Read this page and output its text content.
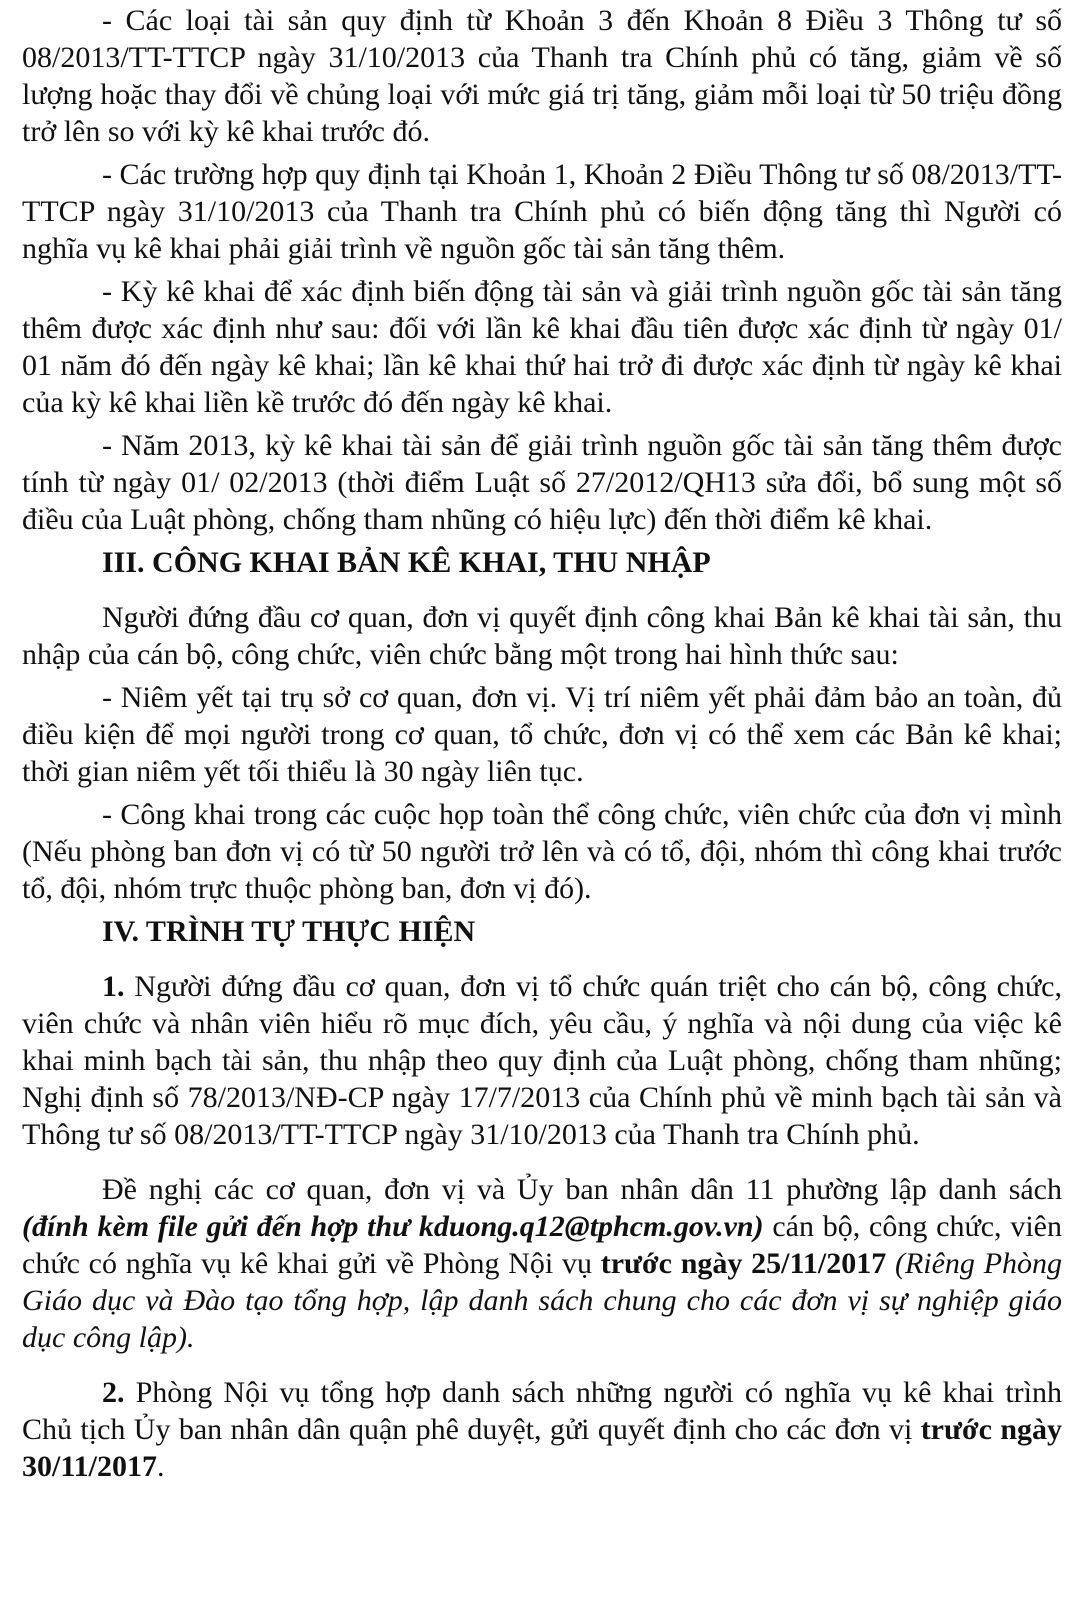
- Các loại tài sản quy định từ Khoản 3 đến Khoản 8 Điều 3 Thông tư số 08/2013/TT-TTCP ngày 31/10/2013 của Thanh tra Chính phủ có tăng, giảm về số lượng hoặc thay đổi về chủng loại với mức giá trị tăng, giảm mỗi loại từ 50 triệu đồng trở lên so với kỳ kê khai trước đó.

- Các trường hợp quy định tại Khoản 1, Khoản 2 Điều Thông tư số 08/2013/TT-TTCP ngày 31/10/2013 của Thanh tra Chính phủ có biến động tăng thì Người có nghĩa vụ kê khai phải giải trình về nguồn gốc tài sản tăng thêm.

- Kỳ kê khai để xác định biến động tài sản và giải trình nguồn gốc tài sản tăng thêm được xác định như sau: đối với lần kê khai đầu tiên được xác định từ ngày 01/ 01 năm đó đến ngày kê khai; lần kê khai thứ hai trở đi được xác định từ ngày kê khai của kỳ kê khai liền kề trước đó đến ngày kê khai.

- Năm 2013, kỳ kê khai tài sản để giải trình nguồn gốc tài sản tăng thêm được tính từ ngày 01/ 02/2013 (thời điểm Luật số 27/2012/QH13 sửa đổi, bổ sung một số điều của Luật phòng, chống tham nhũng có hiệu lực) đến thời điểm kê khai.

III. CÔNG KHAI BẢN KÊ KHAI, THU NHẬP

Người đứng đầu cơ quan, đơn vị quyết định công khai Bản kê khai tài sản, thu nhập của cán bộ, công chức, viên chức bằng một trong hai hình thức sau:

- Niêm yết tại trụ sở cơ quan, đơn vị. Vị trí niêm yết phải đảm bảo an toàn, đủ điều kiện để mọi người trong cơ quan, tổ chức, đơn vị có thể xem các Bản kê khai; thời gian niêm yết tối thiểu là 30 ngày liên tục.

- Công khai trong các cuộc họp toàn thể công chức, viên chức của đơn vị mình (Nếu phòng ban đơn vị có từ 50 người trở lên và có tổ, đội, nhóm thì công khai trước tổ, đội, nhóm trực thuộc phòng ban, đơn vị đó).

IV. TRÌNH TỰ THỰC HIỆN

1. Người đứng đầu cơ quan, đơn vị tổ chức quán triệt cho cán bộ, công chức, viên chức và nhân viên hiểu rõ mục đích, yêu cầu, ý nghĩa và nội dung của việc kê khai minh bạch tài sản, thu nhập theo quy định của Luật phòng, chống tham nhũng; Nghị định số 78/2013/NĐ-CP ngày 17/7/2013 của Chính phủ về minh bạch tài sản và Thông tư số 08/2013/TT-TTCP ngày 31/10/2013 của Thanh tra Chính phủ.

Đề nghị các cơ quan, đơn vị và Ủy ban nhân dân 11 phường lập danh sách (đính kèm file gửi đến hợp thư kduong.q12@tphcm.gov.vn) cán bộ, công chức, viên chức có nghĩa vụ kê khai gửi về Phòng Nội vụ trước ngày 25/11/2017 (Riêng Phòng Giáo dục và Đào tạo tổng hợp, lập danh sách chung cho các đơn vị sự nghiệp giáo dục công lập).

2. Phòng Nội vụ tổng hợp danh sách những người có nghĩa vụ kê khai trình Chủ tịch Ủy ban nhân dân quận phê duyệt, gửi quyết định cho các đơn vị trước ngày 30/11/2017.
